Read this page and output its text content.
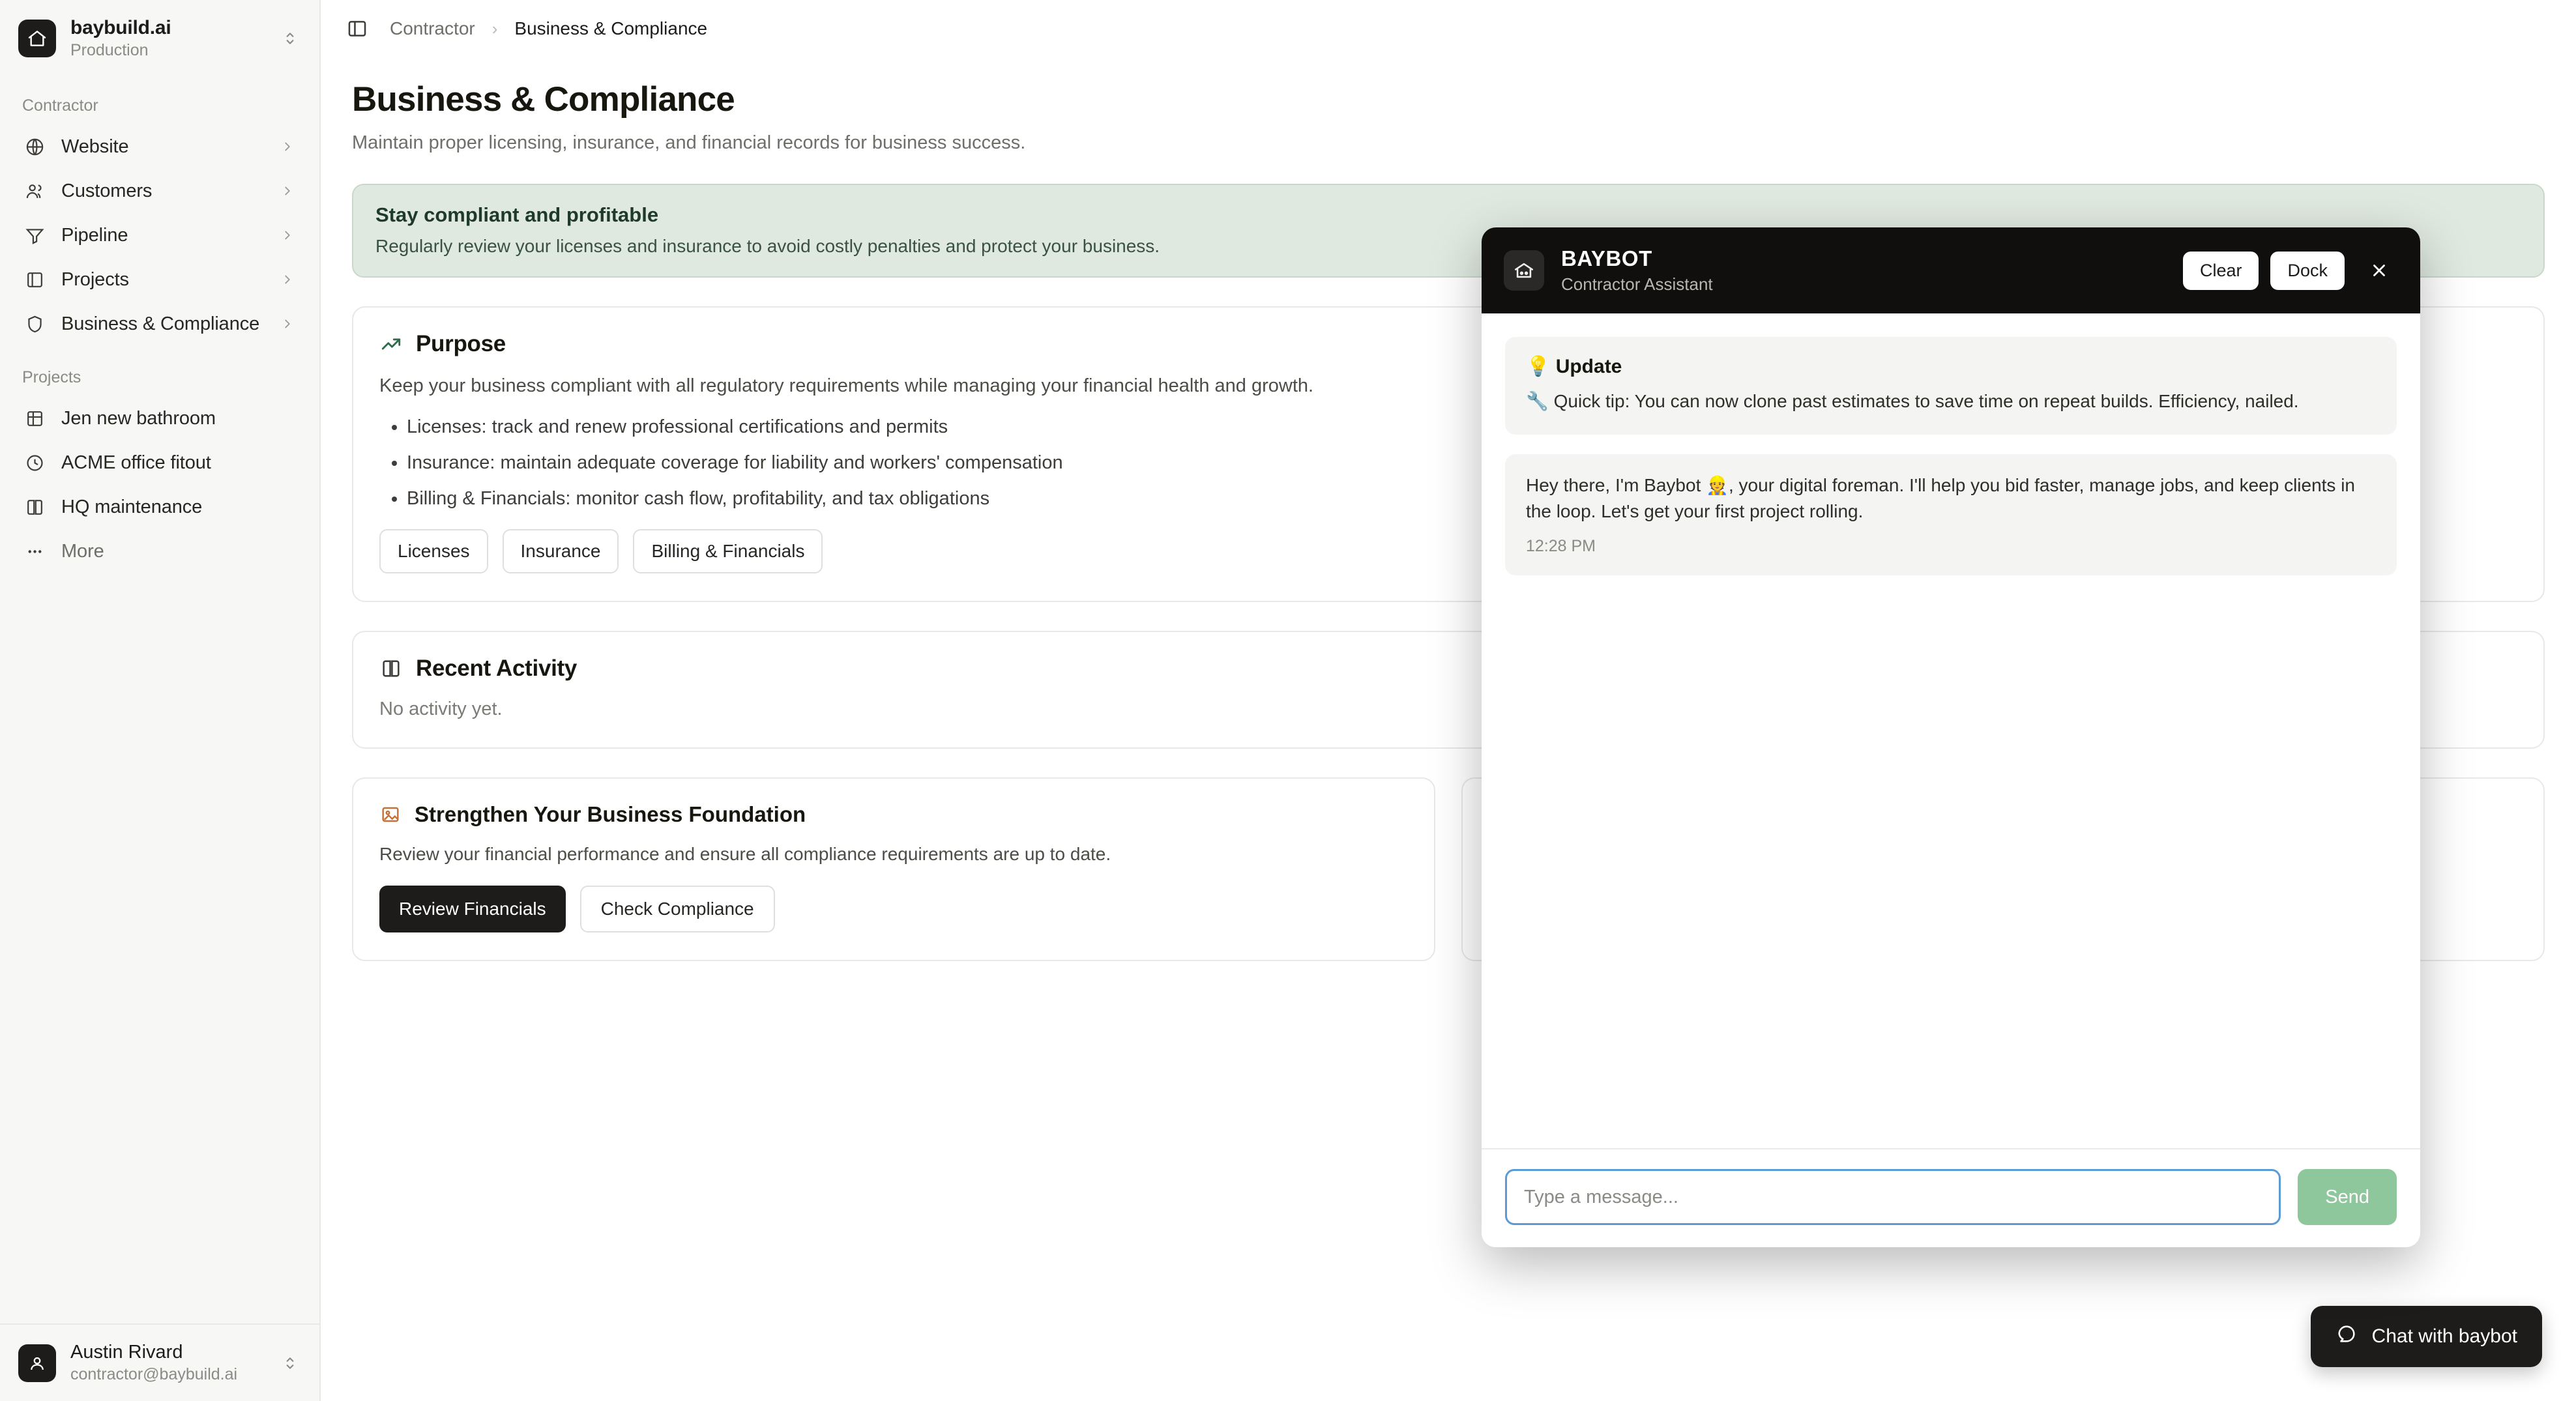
baybuild.ai
Production
Contractor
Website
Customers
Pipeline
Projects
Business & Compliance
Projects
Jen new bathroom
ACME office fitout
HQ maintenance
More
Austin Rivard
contractor@baybuild.ai
Contractor › Business & Compliance
Business & Compliance

Maintain proper licensing, insurance, and financial records for business success.

Stay compliant and profitable
Regularly review your licenses and insurance to avoid costly penalties and protect your business.
Purpose

Keep your business compliant with all regulatory requirements while managing your financial health and growth.

• Licenses: track and renew professional certifications and permits
• Insurance: maintain adequate coverage for liability and workers' compensation
• Billing & Financials: monitor cash flow, profitability, and tax obligations
Licenses	Insurance	Billing & Financials
Recent Activity

No activity yet.

Strengthen Your Business Foundation

Review your financial performance and ensure all compliance requirements are up to date.

Review Financials	Check Compliance
Chat with baybot
BAYBOT
Contractor Assistant
Clear	Dock
💡 Update
🔧 Quick tip: You can now clone past estimates to save time on repeat builds. Efficiency, nailed.
Hey there, I'm Baybot 👷, your digital foreman. I'll help you bid faster, manage jobs, and keep clients in the loop. Let's get your first project rolling.
12:28 PM
Type a message...
Send
